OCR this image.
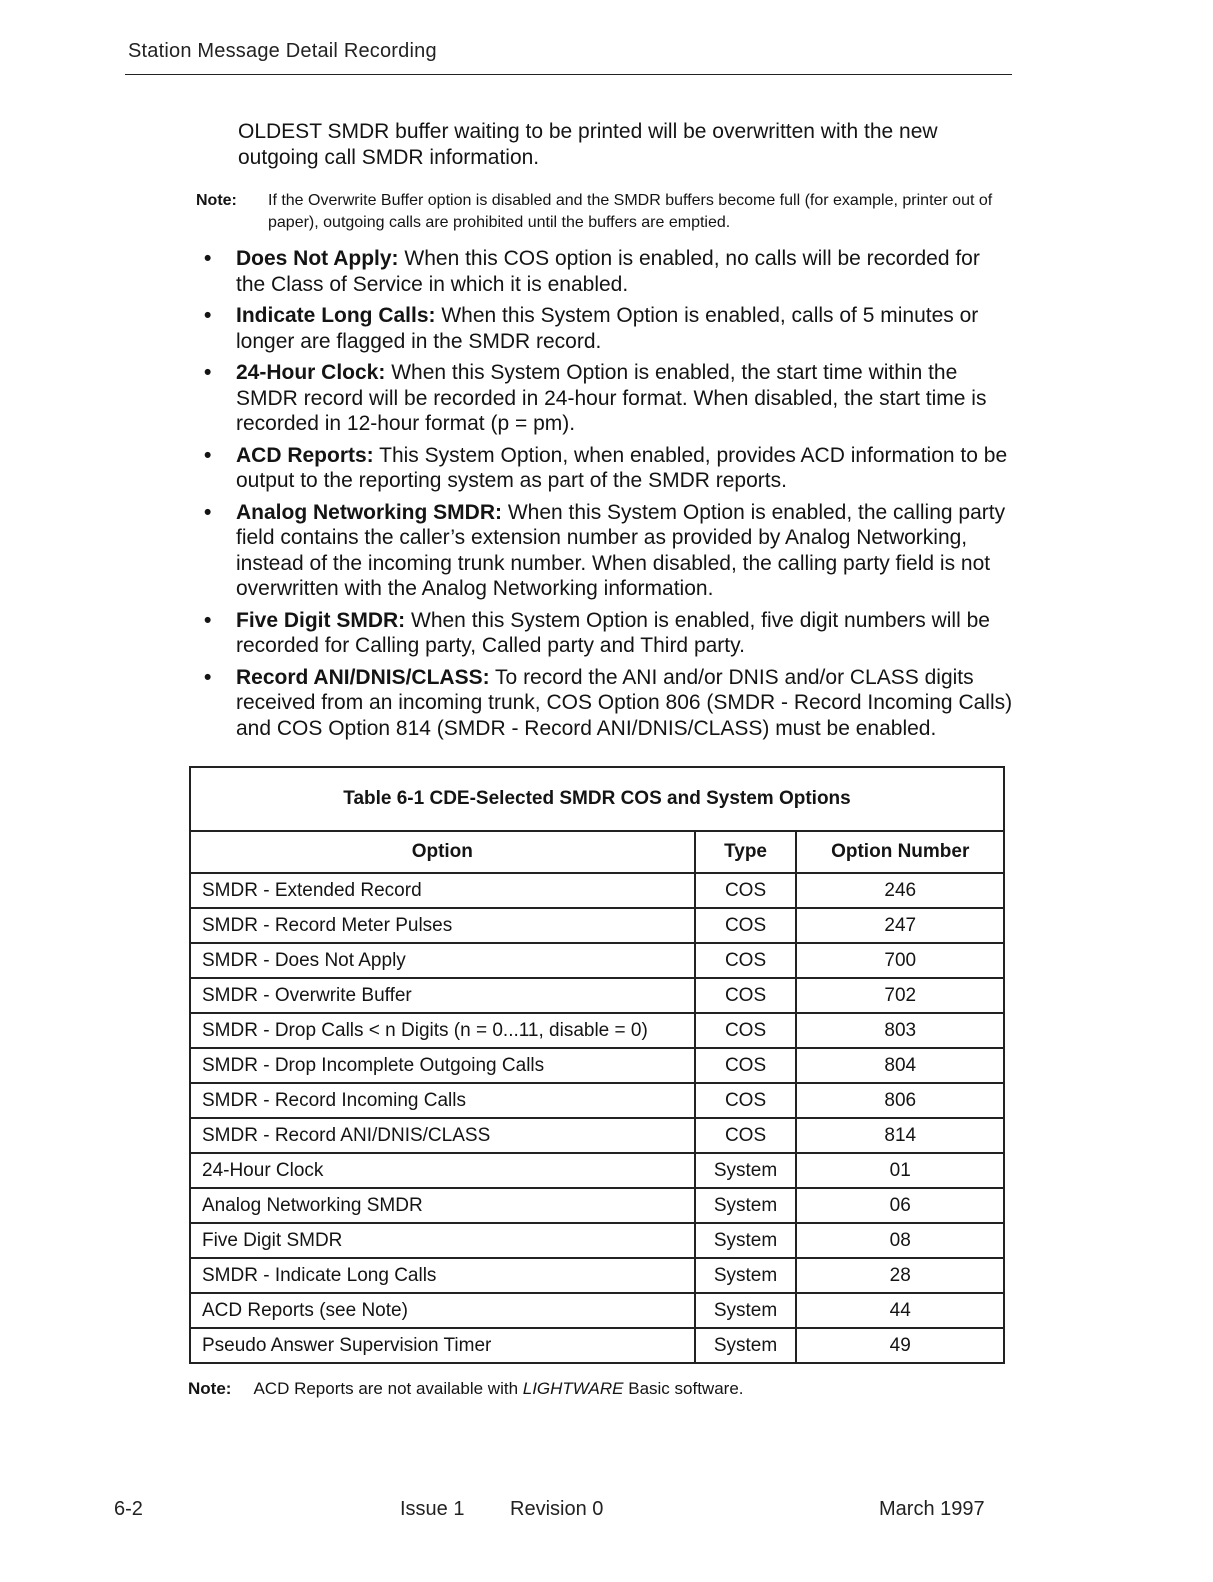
Station Message Detail Recording

OLDEST SMDR buffer waiting to be printed will be overwritten with the new outgoing call SMDR information.

Note: If the Overwrite Buffer option is disabled and the SMDR buffers become full (for example, printer out of paper), outgoing calls are prohibited until the buffers are emptied.
• Does Not Apply: When this COS option is enabled, no calls will be recorded for the Class of Service in which it is enabled.
• Indicate Long Calls: When this System Option is enabled, calls of 5 minutes or longer are flagged in the SMDR record.
• 24-Hour Clock: When this System Option is enabled, the start time within the SMDR record will be recorded in 24-hour format. When disabled, the start time is recorded in 12-hour format (p = pm).
• ACD Reports: This System Option, when enabled, provides ACD information to be output to the reporting system as part of the SMDR reports.
• Analog Networking SMDR: When this System Option is enabled, the calling party field contains the caller’s extension number as provided by Analog Networking, instead of the incoming trunk number. When disabled, the calling party field is not overwritten with the Analog Networking information.
• Five Digit SMDR: When this System Option is enabled, five digit numbers will be recorded for Calling party, Called party and Third party.
• Record ANI/DNIS/CLASS: To record the ANI and/or DNIS and/or CLASS digits received from an incoming trunk, COS Option 806 (SMDR - Record Incoming Calls) and COS Option 814 (SMDR - Record ANI/DNIS/CLASS) must be enabled.
Table 6-1 CDE-Selected SMDR COS and System Options		
Option	Type	Option Number
SMDR - Extended Record	COS	246
SMDR - Record Meter Pulses	COS	247
SMDR - Does Not Apply	COS	700
SMDR - Overwrite Buffer	COS	702
SMDR - Drop Calls < n Digits (n = 0...11, disable = 0)	COS	803
SMDR - Drop Incomplete Outgoing Calls	COS	804
SMDR - Record Incoming Calls	COS	806
SMDR - Record ANI/DNIS/CLASS	COS	814
24-Hour Clock	System	01
Analog Networking SMDR	System	06
Five Digit SMDR	System	08
SMDR - Indicate Long Calls	System	28
ACD Reports (see Note)	System	44
Pseudo Answer Supervision Timer	System	49
Note: ACD Reports are not available with LIGHTWARE Basic software.
6-2	Issue 1 Revision 0	March 1997
